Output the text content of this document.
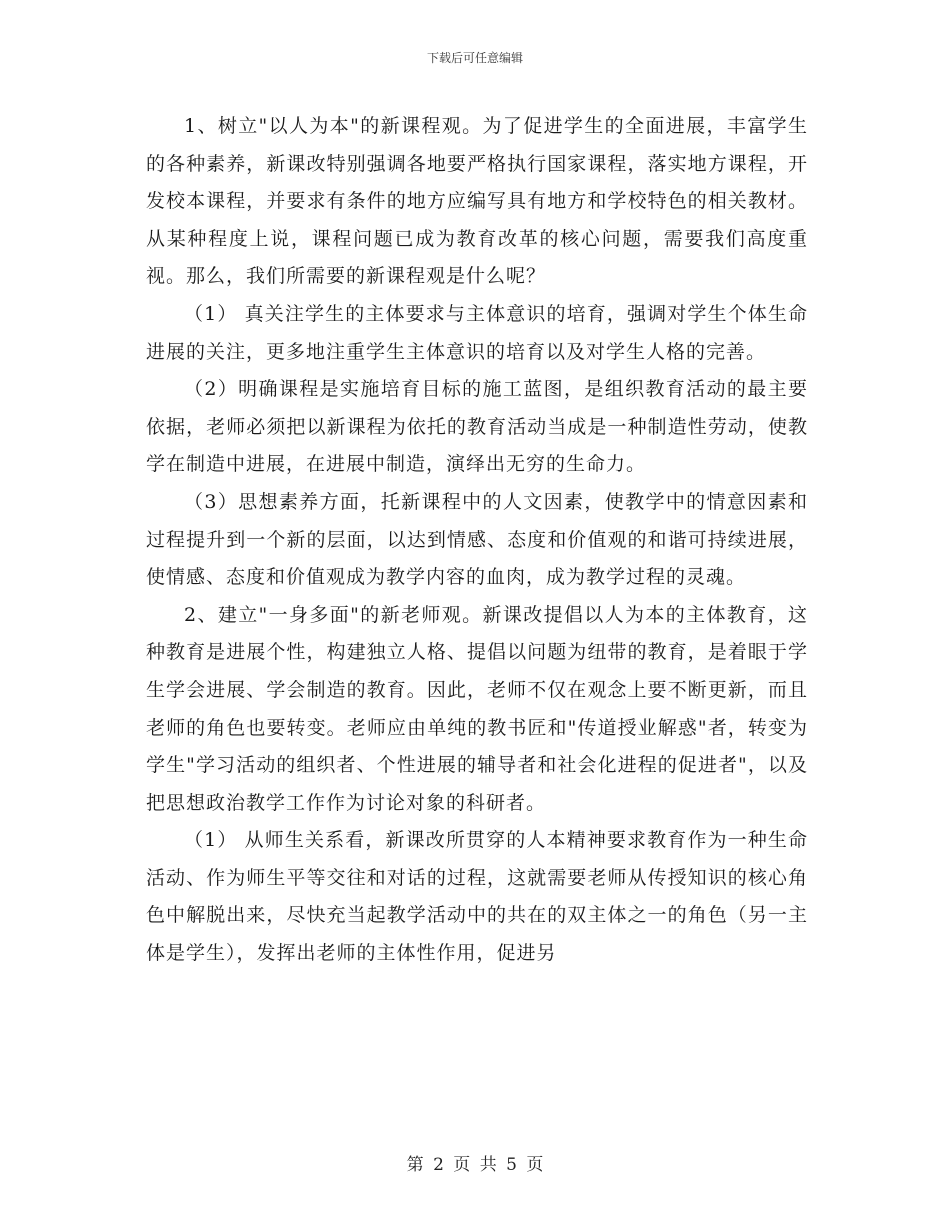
下载后可任意编辑

1、树立"以人为本"的新课程观。为了促进学生的全面进展，丰富学生的各种素养，新课改特别强调各地要严格执行国家课程，落实地方课程，开发校本课程，并要求有条件的地方应编写具有地方和学校特色的相关教材。从某种程度上说，课程问题已成为教育改革的核心问题，需要我们高度重视。那么，我们所需要的新课程观是什么呢？

（1） 真关注学生的主体要求与主体意识的培育，强调对学生个体生命进展的关注，更多地注重学生主体意识的培育以及对学生人格的完善。

（2）明确课程是实施培育目标的施工蓝图，是组织教育活动的最主要依据，老师必须把以新课程为依托的教育活动当成是一种制造性劳动，使教学在制造中进展，在进展中制造，演绎出无穷的生命力。

（3）思想素养方面，托新课程中的人文因素，使教学中的情意因素和过程提升到一个新的层面，以达到情感、态度和价值观的和谐可持续进展，使情感、态度和价值观成为教学内容的血肉，成为教学过程的灵魂。

2、建立"一身多面"的新老师观。新课改提倡以人为本的主体教育，这种教育是进展个性，构建独立人格、提倡以问题为纽带的教育，是着眼于学生学会进展、学会制造的教育。因此，老师不仅在观念上要不断更新，而且老师的角色也要转变。老师应由单纯的教书匠和"传道授业解惑"者，转变为学生"学习活动的组织者、个性进展的辅导者和社会化进程的促进者"，以及把思想政治教学工作作为讨论对象的科研者。

（1） 从师生关系看，新课改所贯穿的人本精神要求教育作为一种生命活动、作为师生平等交往和对话的过程，这就需要老师从传授知识的核心角色中解脱出来，尽快充当起教学活动中的共在的双主体之一的角色（另一主体是学生），发挥出老师的主体性作用，促进另

第 2 页 共 5 页
